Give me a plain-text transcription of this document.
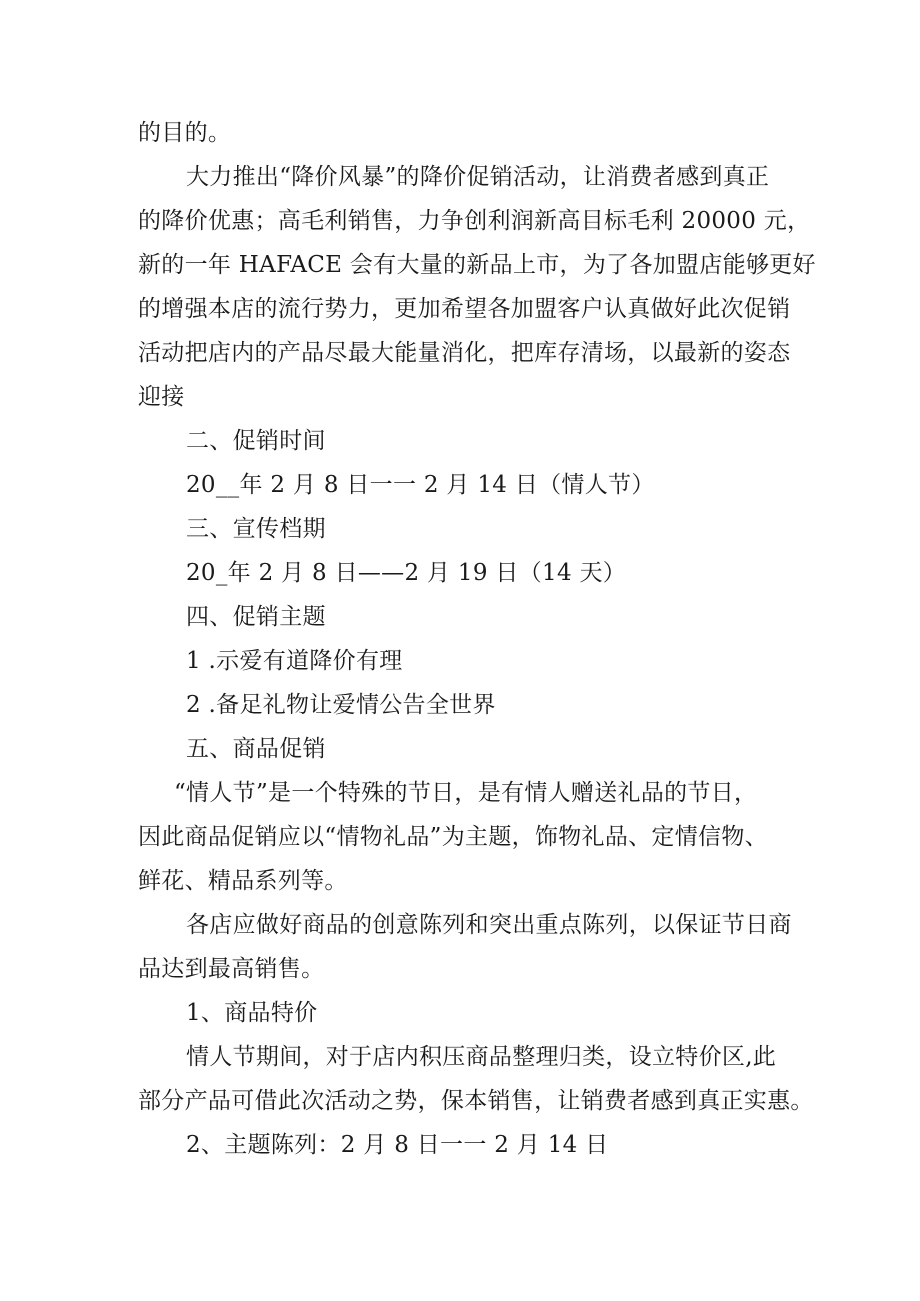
的目的。

大力推出“降价风暴”的降价促销活动，让消费者感到真正

的降价优惠；高毛利销售，力争创利润新高目标毛利 20000 元，

新的一年 HAFACE 会有大量的新品上市，为了各加盟店能够更好

的增强本店的流行势力，更加希望各加盟客户认真做好此次促销

活动把店内的产品尽最大能量消化，把库存清场，以最新的姿态

迎接

二、促销时间

20__年 2 月 8 日一一 2 月 14 日（情人节）

三、宣传档期

20_年 2 月 8 日——2 月 19 日（14 天）

四、促销主题

1 .示爱有道降价有理

2 .备足礼物让爱情公告全世界

五、商品促销

“情人节”是一个特殊的节日，是有情人赠送礼品的节日，

因此商品促销应以“情物礼品”为主题，饰物礼品、定情信物、

鲜花、精品系列等。

各店应做好商品的创意陈列和突出重点陈列，以保证节日商

品达到最高销售。

1、商品特价

情人节期间，对于店内积压商品整理归类，设立特价区,此

部分产品可借此次活动之势，保本销售，让销费者感到真正实惠。

2、主题陈列：2 月 8 日一一 2 月 14 日
